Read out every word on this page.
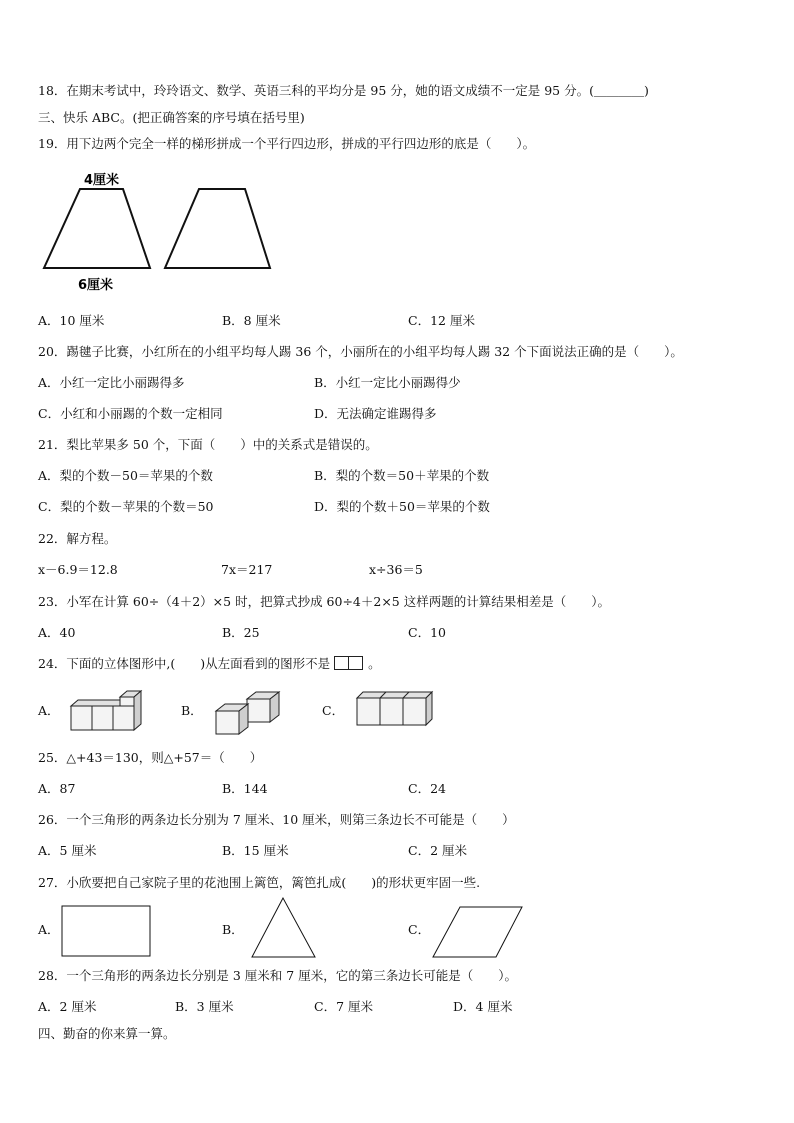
18．在期末考试中，玲玲语文、数学、英语三科的平均分是 95 分，她的语文成绩不一定是 95 分。(＿＿＿＿)
三、快乐 ABC。(把正确答案的序号填在括号里)
19．用下边两个完全一样的梯形拼成一个平行四边形，拼成的平行四边形的底是（　　）。
4厘米
6厘米
A．10 厘米	B．8 厘米	C．12 厘米
20．踢毽子比赛，小红所在的小组平均每人踢 36 个，小丽所在的小组平均每人踢 32 个下面说法正确的是（　　）。
A．小红一定比小丽踢得多	B．小红一定比小丽踢得少
C．小红和小丽踢的个数一定相同	D．无法确定谁踢得多
21．梨比苹果多 50 个，下面（　　）中的关系式是错误的。
A．梨的个数－50＝苹果的个数	B．梨的个数＝50＋苹果的个数
C．梨的个数－苹果的个数＝50	D．梨的个数＋50＝苹果的个数
22．解方程。
x－6.9＝12.8	7x＝217	x÷36＝5
23．小军在计算 60÷（4＋2）×5 时，把算式抄成 60÷4＋2×5 这样两题的计算结果相差是（　　）。
A．40	B．25	C．10
24．下面的立体图形中,(　　)从左面看到的图形不是	。
A．	B．	C．
25．△+43＝130，则△+57＝（　　）
A．87	B．144	C．24
26．一个三角形的两条边长分别为 7 厘米、10 厘米，则第三条边长不可能是（　　）
A．5 厘米	B．15 厘米	C．2 厘米
27．小欣要把自己家院子里的花池围上篱笆，篱笆扎成(　　)的形状更牢固一些.
A．	B．	C．
28．一个三角形的两条边长分别是 3 厘米和 7 厘米，它的第三条边长可能是（　　）。
A．2 厘米	B．3 厘米	C．7 厘米	D．4 厘米
四、勤奋的你来算一算。
